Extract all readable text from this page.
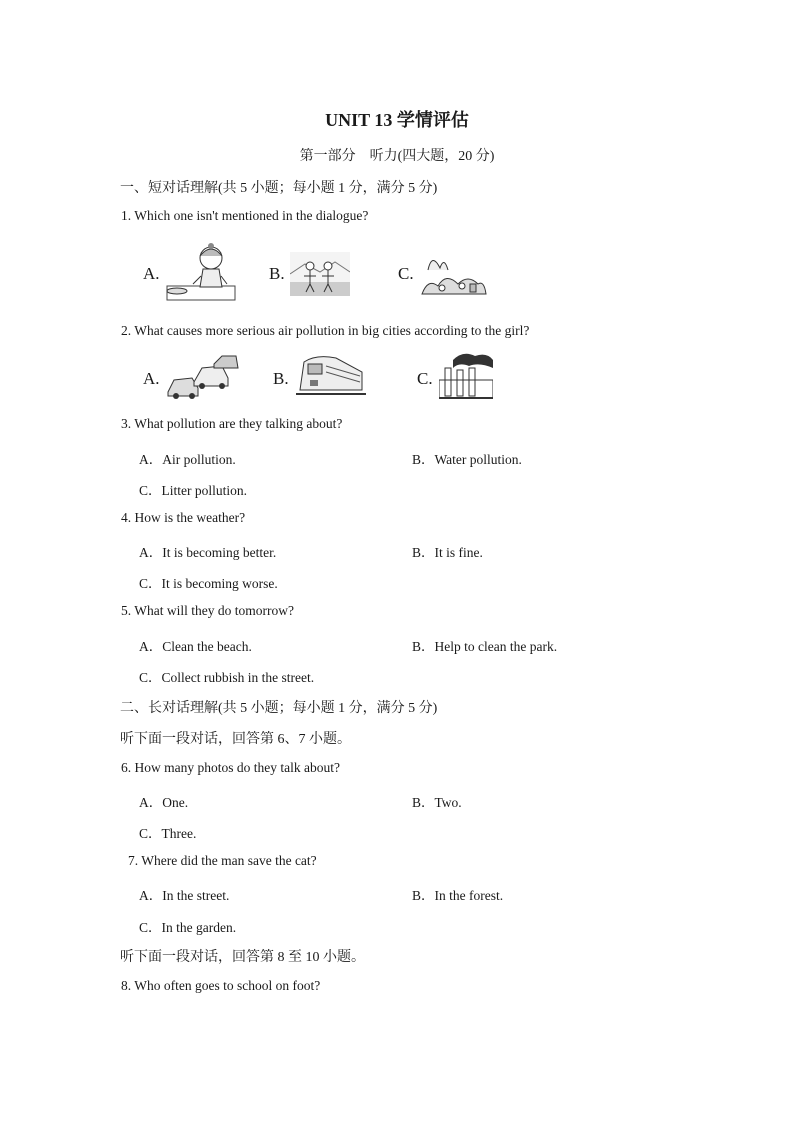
UNIT 13 学情评估
第一部分　听力(四大题，20 分)
一、短对话理解(共 5 小题；每小题 1 分，满分 5 分)
1. Which one isn't mentioned in the dialogue?
A.	B.	C.
2. What causes more serious air pollution in big cities according to the girl?
A.	B.	C.
3. What pollution are they talking about?
A．Air pollution.	B．Water pollution.
C．Litter pollution.
4. How is the weather?
A．It is becoming better.	B．It is fine.
C．It is becoming worse.
5. What will they do tomorrow?
A．Clean the beach.	B．Help to clean the park.
C．Collect rubbish in the street.
二、长对话理解(共 5 小题；每小题 1 分，满分 5 分)
听下面一段对话，回答第 6、7 小题。
6. How many photos do they talk about?
A．One.	B．Two.
C．Three.
7. Where did the man save the cat?
A．In the street.	B．In the forest.
C．In the garden.
听下面一段对话，回答第 8 至 10 小题。
8. Who often goes to school on foot?
